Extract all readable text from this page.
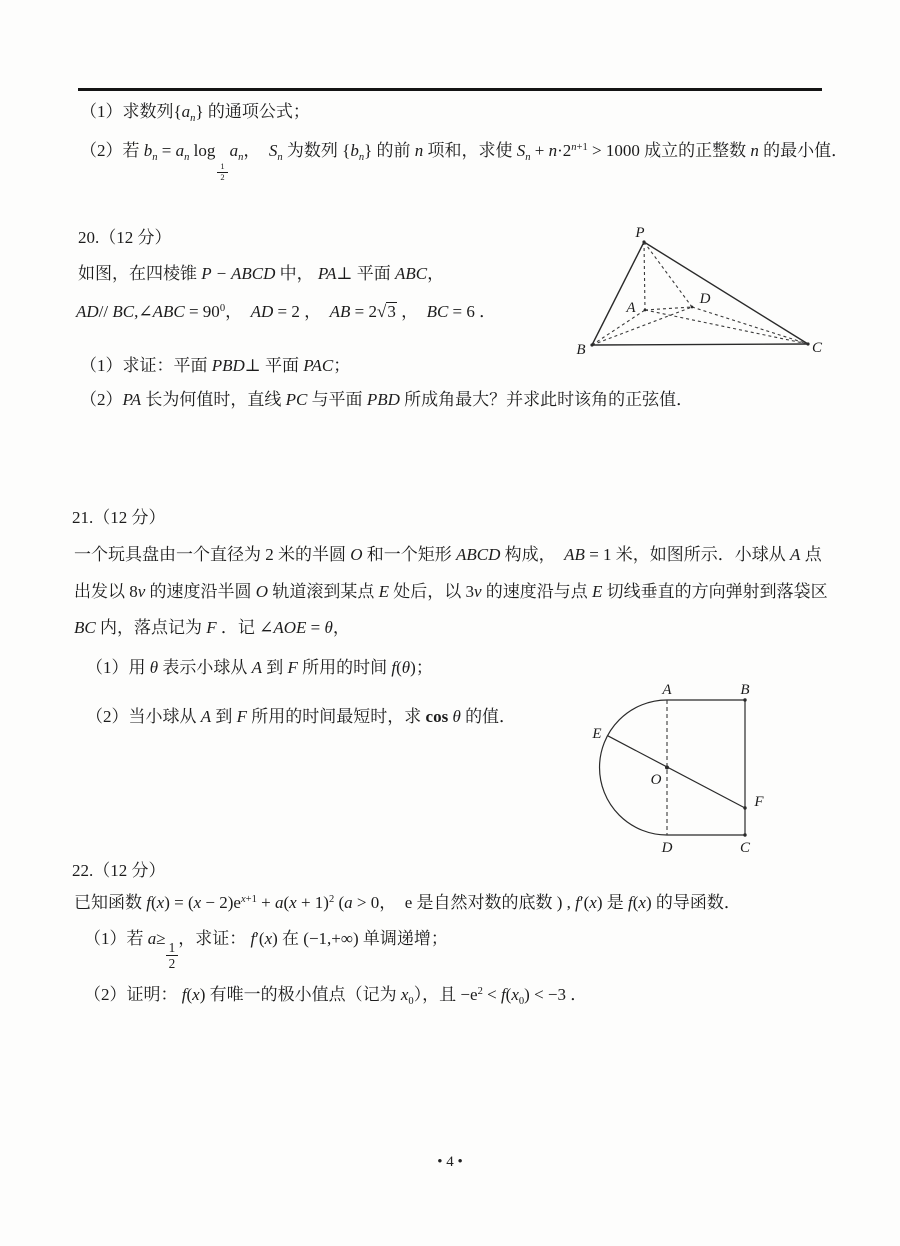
（1）求数列$\{a_n\}$ 的通项公式；
（2）若 $b_n = a_n$ log
$\frac{1}{2}$
$a_n$，　$S_n$ 为数列 $\{b_n\}$ 的前 n 项和，求使 $S_n + n\cdot 2^{n+1} > 1000$ 成立的正整数 n 的最小值．
20.（12 分）
如图，在四棱锥 P − ABCD 中， PA⊥ 平面 ABC，
AD// BC,∠ABC = $90^0$，　AD = 2 ，　AB = 2√3 ，　BC = 6 ．
（1）求证：平面 PBD⊥ 平面 PAC；
（2）PA 长为何值时，直线 PC 与平面 PBD 所成角最大？并求此时该角的正弦值．
P
A
D
B	C
21.（12 分）
一个玩具盘由一个直径为 2 米的半圆 O 和一个矩形 ABCD 构成，　AB = 1 米，如图所示．小球从 A 点
出发以 8v 的速度沿半圆 O 轨道滚到某点 E 处后，以 3v 的速度沿与点 E 切线垂直的方向弹射到落袋区
BC 内，落点记为 F ．记 ∠AOE = θ，
（1）用 θ 表示小球从 A 到 F 所用的时间 f(θ)；
（2）当小球从 A 到 F 所用的时间最短时，求 cos θ 的值．
A	B
E
O
F
D	C
22.（12 分）
已知函数 $f(x) = (x - 2)e^{x+1} + a(x + 1)^2$ (a > 0，  e 是自然对数的底数 ) , f′(x) 是 f(x) 的导函数．
（1）若 a≥
$\frac{1}{2}$
，求证： f′(x) 在 (−1,+∞) 单调递增；
（2）证明： f(x) 有唯一的极小值点（记为 $x_0$），且 $-e^2 < f(x_0) < -3$ ．
• 4 •
